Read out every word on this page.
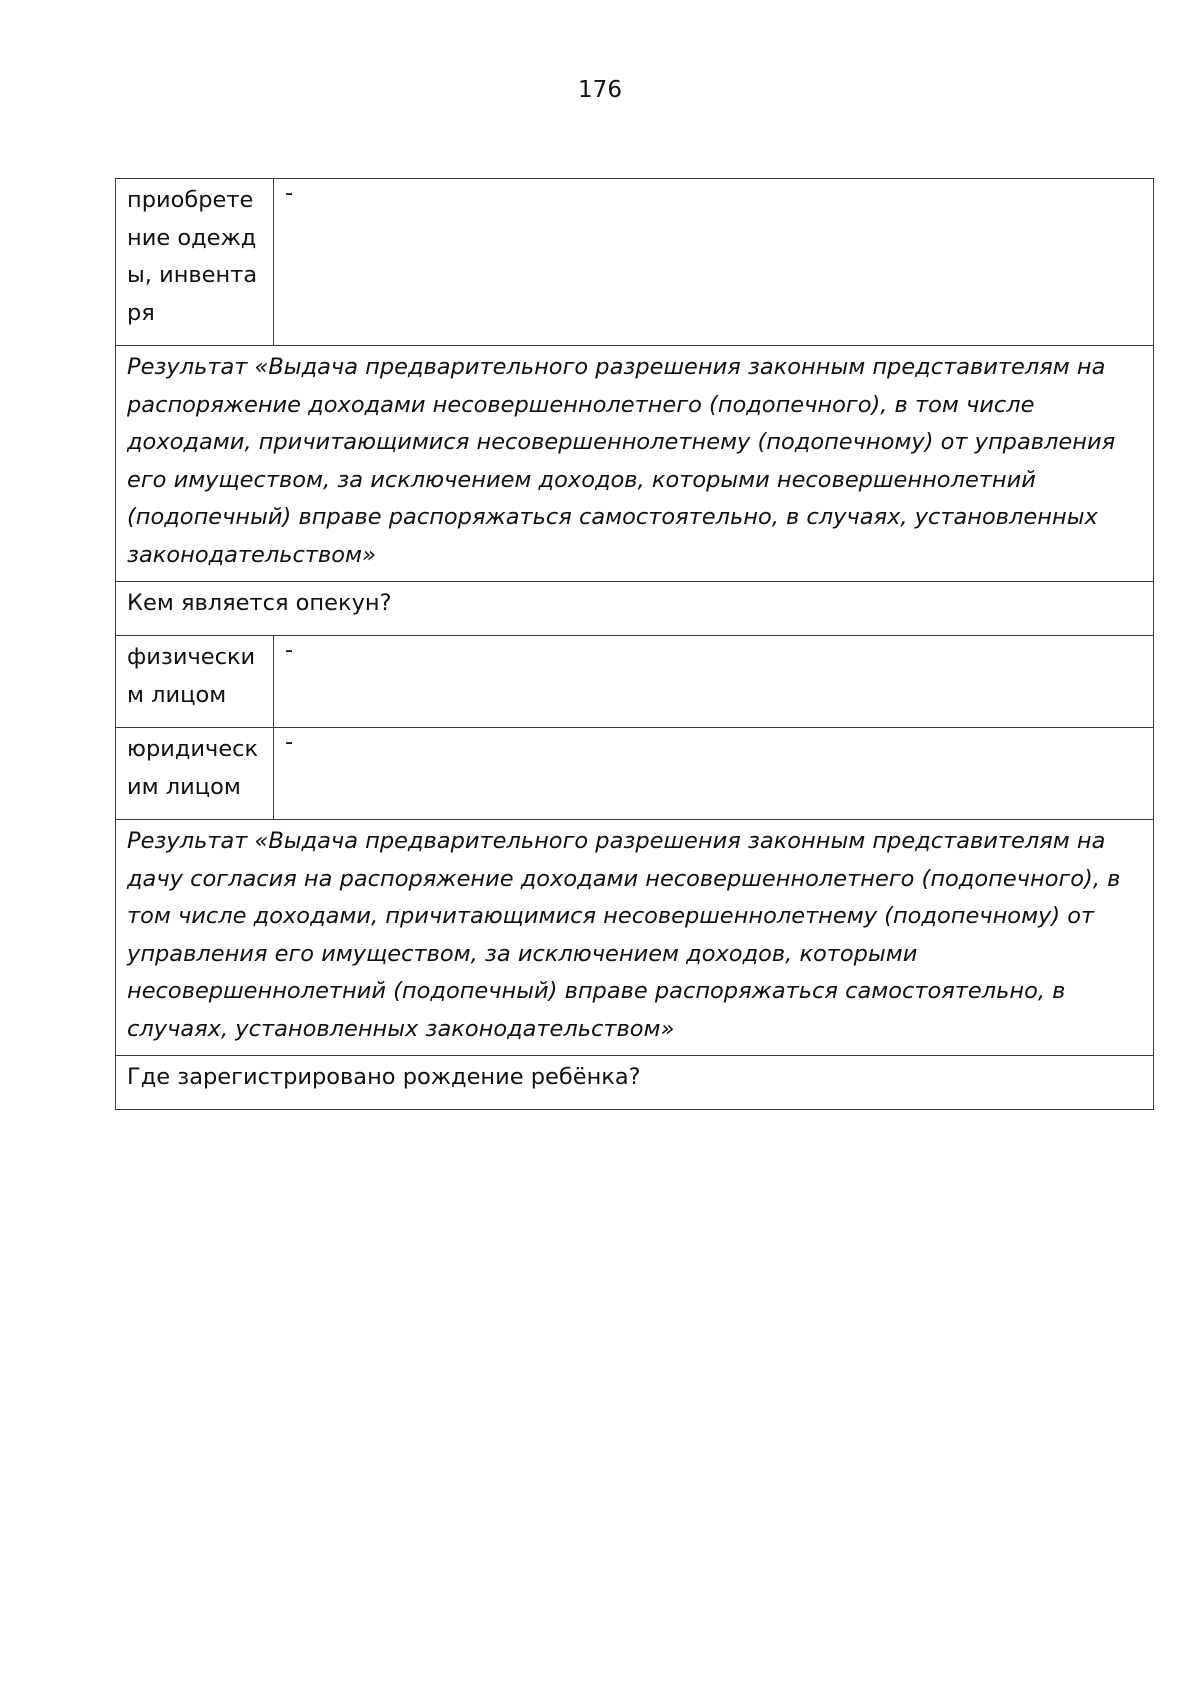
176
приобретение одежды, инвентаря	-
Результат «Выдача предварительного разрешения законным представителям на распоряжение доходами несовершеннолетнего (подопечного), в том числе доходами, причитающимися несовершеннолетнему (подопечному) от управления его имуществом, за исключением доходов, которыми несовершеннолетний (подопечный) вправе распоряжаться самостоятельно, в случаях, установленных законодательством»	
Кем является опекун?	
физическим лицом	-
юридическим лицом	-
Результат «Выдача предварительного разрешения законным представителям на дачу согласия на распоряжение доходами несовершеннолетнего (подопечного), в том числе доходами, причитающимися несовершеннолетнему (подопечному) от управления его имуществом, за исключением доходов, которыми несовершеннолетний (подопечный) вправе распоряжаться самостоятельно, в случаях, установленных законодательством»	
Где зарегистрировано рождение ребёнка?	
